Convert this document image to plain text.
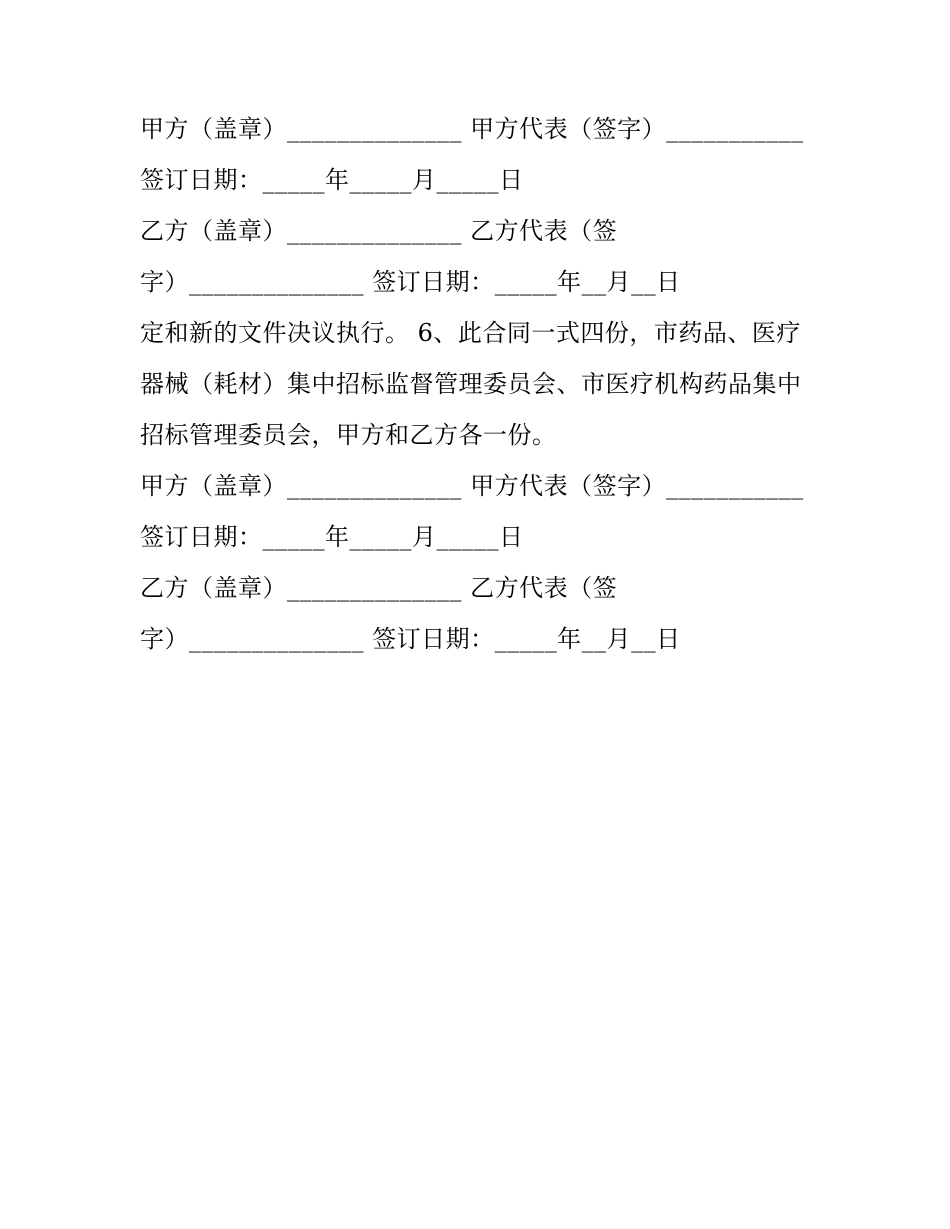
甲方（盖章）______________ 甲方代表（签字）___________
签订日期：_____年_____月_____日
乙方（盖章）______________ 乙方代表（签
字）______________ 签订日期：_____年__月__日
定和新的文件决议执行。 6、此合同一式四份，市药品、医疗
器械（耗材）集中招标监督管理委员会、市医疗机构药品集中
招标管理委员会，甲方和乙方各一份。
甲方（盖章）______________ 甲方代表（签字）___________
签订日期：_____年_____月_____日
乙方（盖章）______________ 乙方代表（签
字）______________ 签订日期：_____年__月__日
